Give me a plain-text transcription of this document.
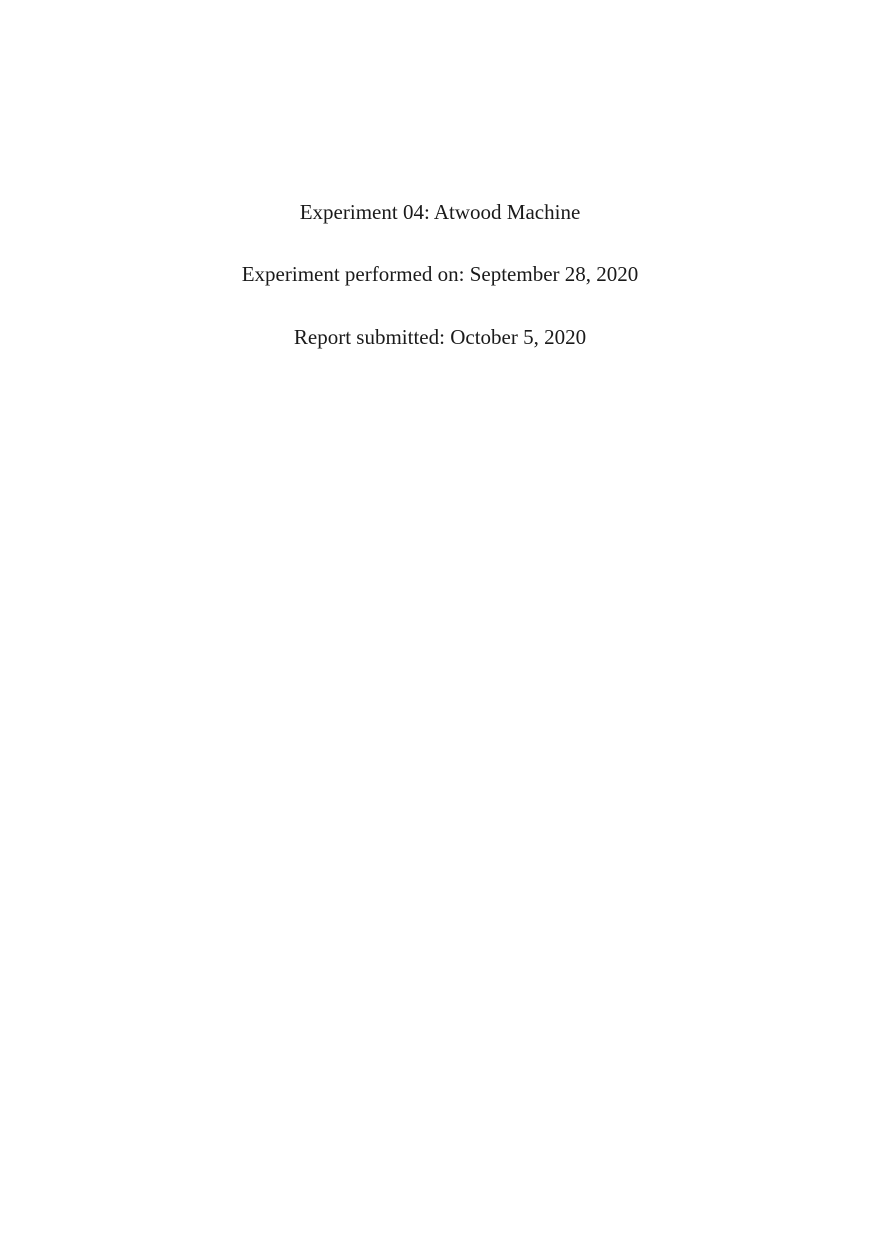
Experiment 04: Atwood Machine
Experiment performed on: September 28, 2020
Report submitted: October 5, 2020
